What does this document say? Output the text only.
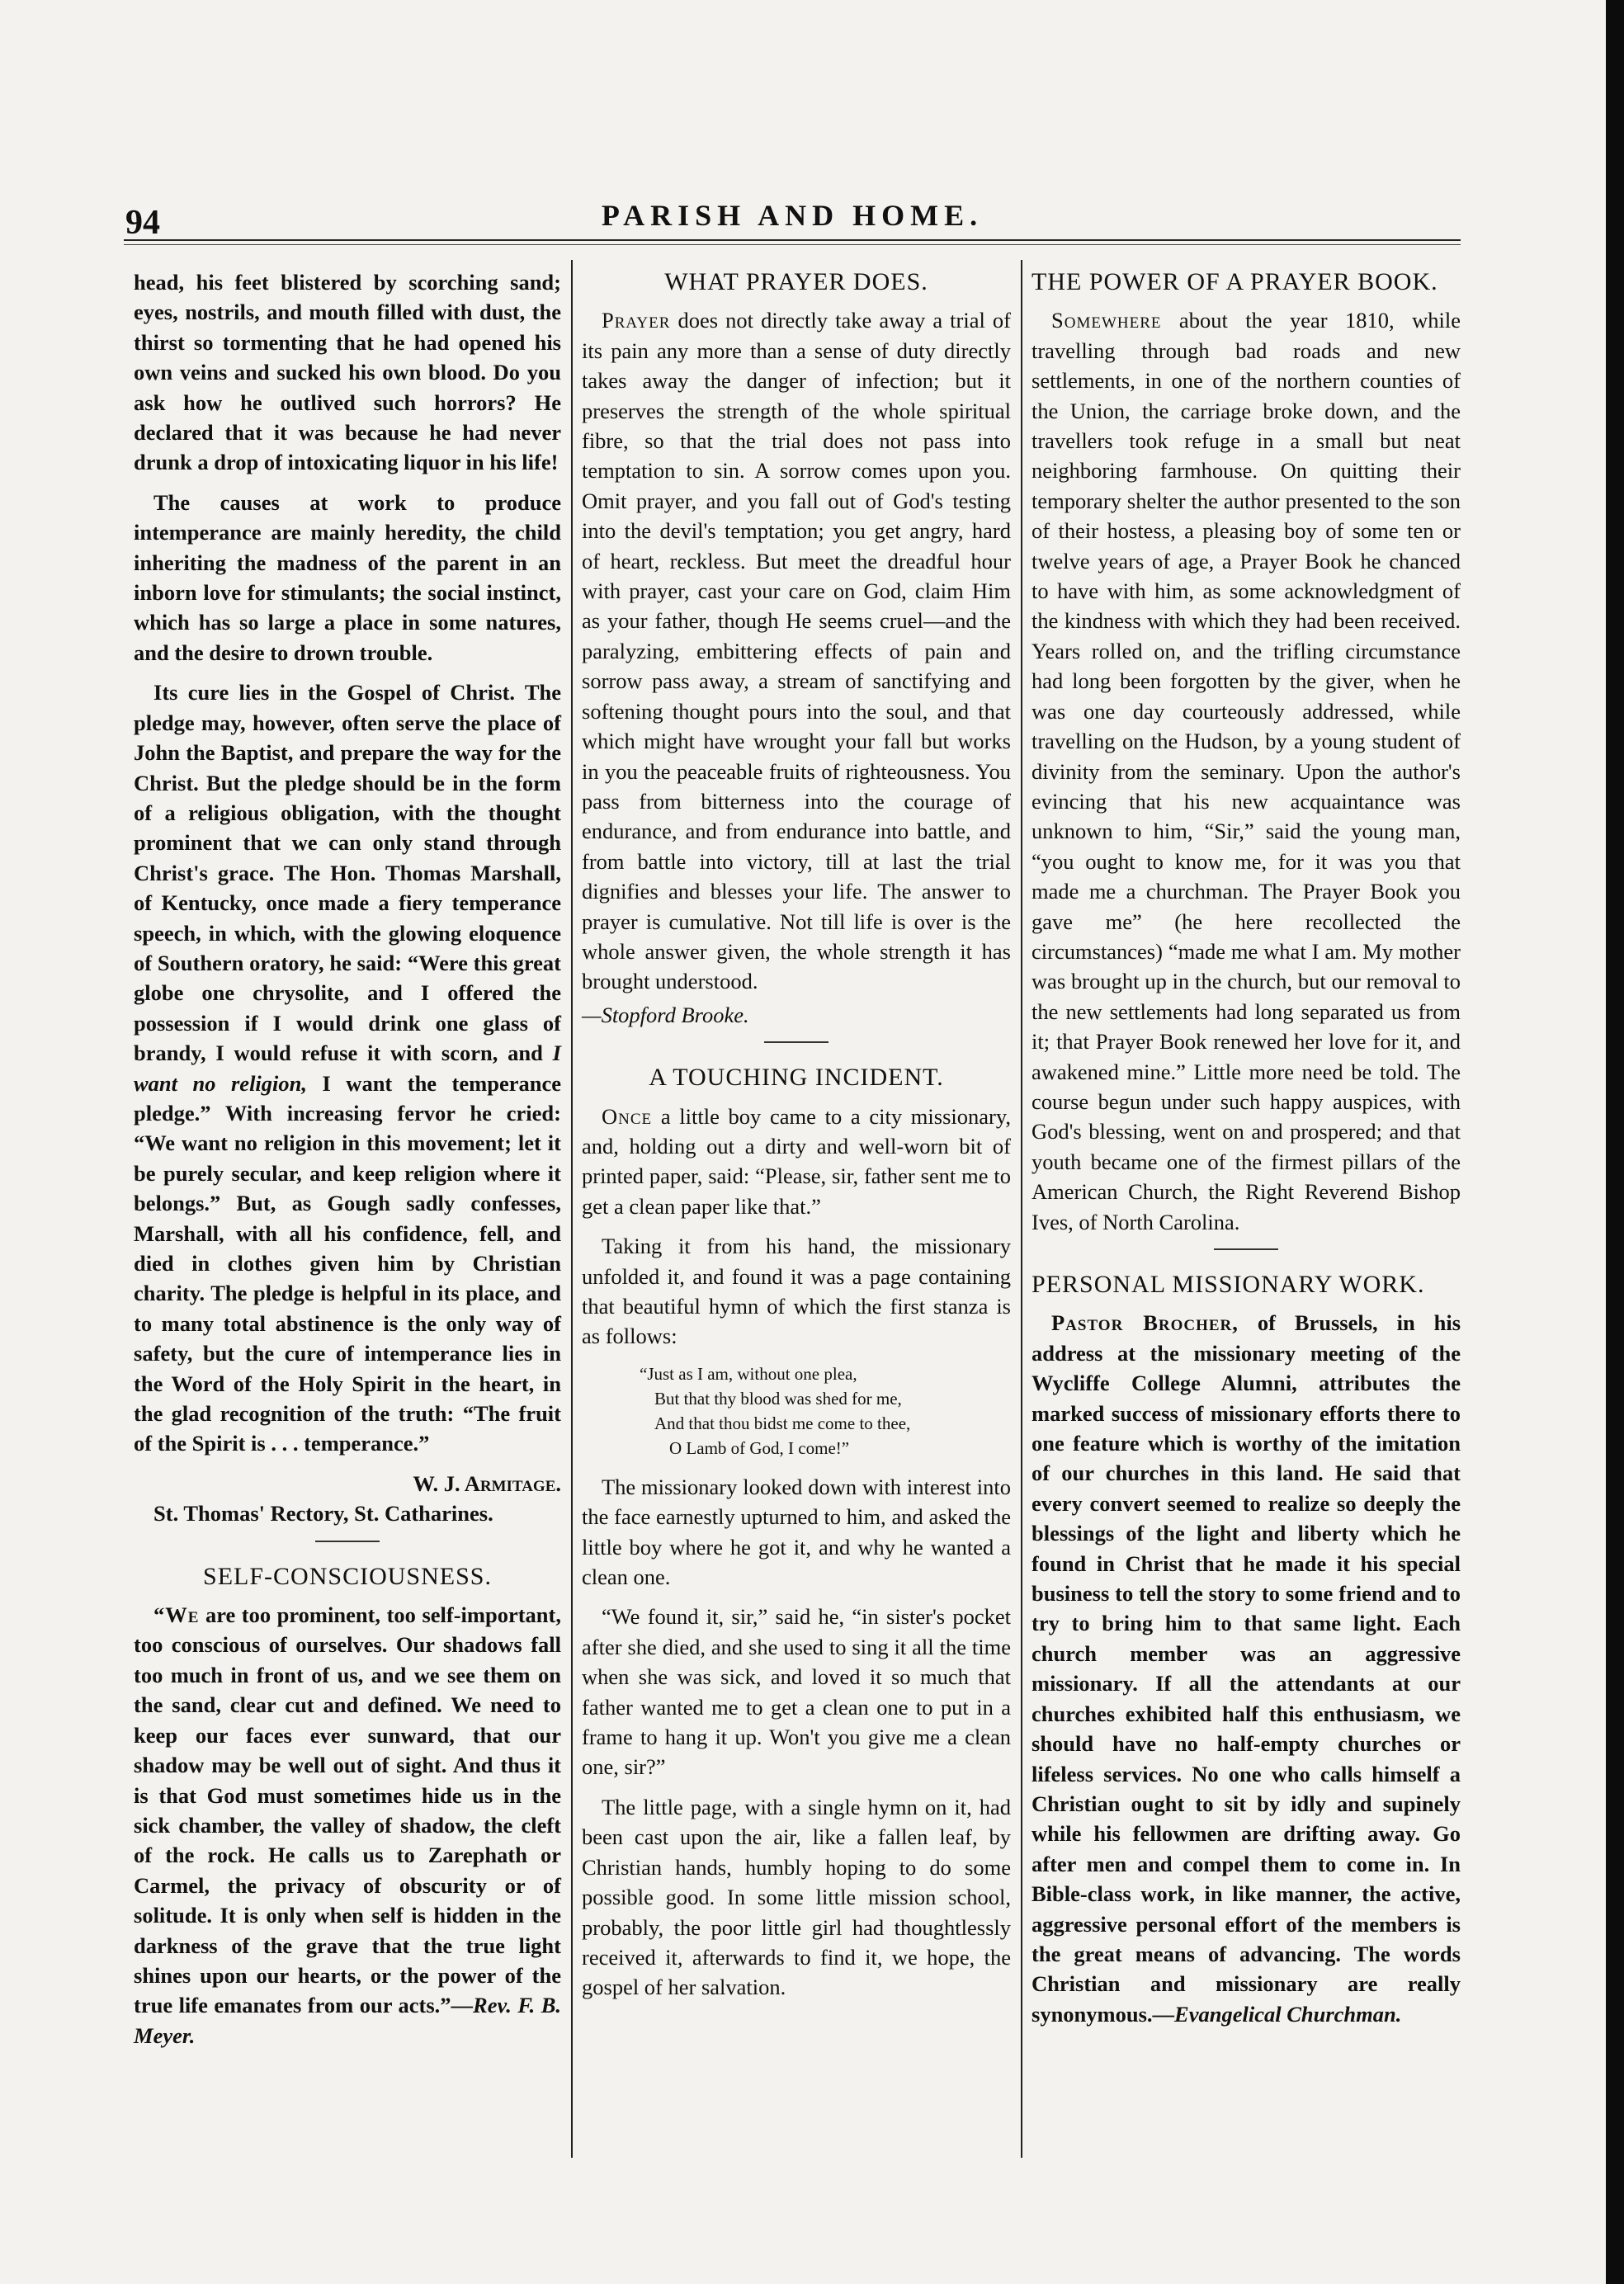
94	PARISH AND HOME.

head, his feet blistered by scorching sand; eyes, nostrils, and mouth filled with dust, the thirst so tormenting that he had opened his own veins and sucked his own blood. Do you ask how he outlived such horrors? He declared that it was because he had never drunk a drop of intoxicating liquor in his life!

The causes at work to produce intemperance are mainly heredity, the child inheriting the madness of the parent in an inborn love for stimulants; the social instinct, which has so large a place in some natures, and the desire to drown trouble.

Its cure lies in the Gospel of Christ. The pledge may, however, often serve the place of John the Baptist, and prepare the way for the Christ. But the pledge should be in the form of a religious obligation, with the thought prominent that we can only stand through Christ's grace. The Hon. Thomas Marshall, of Kentucky, once made a fiery temperance speech, in which, with the glowing eloquence of Southern oratory, he said: “Were this great globe one chrysolite, and I offered the possession if I would drink one glass of brandy, I would refuse it with scorn, and I want no religion, I want the temperance pledge.” With increasing fervor he cried: “We want no religion in this movement; let it be purely secular, and keep religion where it belongs.” But, as Gough sadly confesses, Marshall, with all his confidence, fell, and died in clothes given him by Christian charity. The pledge is helpful in its place, and to many total abstinence is the only way of safety, but the cure of intemperance lies in the Word of the Holy Spirit in the heart, in the glad recognition of the truth: “The fruit of the Spirit is . . . temperance.”

W. J. Armitage.

St. Thomas' Rectory, St. Catharines.

SELF-CONSCIOUSNESS.

“We are too prominent, too self-important, too conscious of ourselves. Our shadows fall too much in front of us, and we see them on the sand, clear cut and defined. We need to keep our faces ever sunward, that our shadow may be well out of sight. And thus it is that God must sometimes hide us in the sick chamber, the valley of shadow, the cleft of the rock. He calls us to Zarephath or Carmel, the privacy of obscurity or of solitude. It is only when self is hidden in the darkness of the grave that the true light shines upon our hearts, or the power of the true life emanates from our acts.”—Rev. F. B. Meyer.

WHAT PRAYER DOES.

Prayer does not directly take away a trial of its pain any more than a sense of duty directly takes away the danger of infection; but it preserves the strength of the whole spiritual fibre, so that the trial does not pass into temptation to sin. A sorrow comes upon you. Omit prayer, and you fall out of God's testing into the devil's temptation; you get angry, hard of heart, reckless. But meet the dreadful hour with prayer, cast your care on God, claim Him as your father, though He seems cruel—and the paralyzing, embittering effects of pain and sorrow pass away, a stream of sanctifying and softening thought pours into the soul, and that which might have wrought your fall but works in you the peaceable fruits of righteousness. You pass from bitterness into the courage of endurance, and from endurance into battle, and from battle into victory, till at last the trial dignifies and blesses your life. The answer to prayer is cumulative. Not till life is over is the whole answer given, the whole strength it has brought understood.

—Stopford Brooke.

A TOUCHING INCIDENT.

Once a little boy came to a city missionary, and, holding out a dirty and well-worn bit of printed paper, said: “Please, sir, father sent me to get a clean paper like that.”

Taking it from his hand, the missionary unfolded it, and found it was a page containing that beautiful hymn of which the first stanza is as follows:

“Just as I am, without one plea,
But that thy blood was shed for me,
And that thou bidst me come to thee,
O Lamb of God, I come!”

The missionary looked down with interest into the face earnestly upturned to him, and asked the little boy where he got it, and why he wanted a clean one.

“We found it, sir,” said he, “in sister's pocket after she died, and she used to sing it all the time when she was sick, and loved it so much that father wanted me to get a clean one to put in a frame to hang it up. Won't you give me a clean one, sir?”

The little page, with a single hymn on it, had been cast upon the air, like a fallen leaf, by Christian hands, humbly hoping to do some possible good. In some little mission school, probably, the poor little girl had thoughtlessly received it, afterwards to find it, we hope, the gospel of her salvation.

THE POWER OF A PRAYER BOOK.

Somewhere about the year 1810, while travelling through bad roads and new settlements, in one of the northern counties of the Union, the carriage broke down, and the travellers took refuge in a small but neat neighboring farmhouse. On quitting their temporary shelter the author presented to the son of their hostess, a pleasing boy of some ten or twelve years of age, a Prayer Book he chanced to have with him, as some acknowledgment of the kindness with which they had been received. Years rolled on, and the trifling circumstance had long been forgotten by the giver, when he was one day courteously addressed, while travelling on the Hudson, by a young student of divinity from the seminary. Upon the author's evincing that his new acquaintance was unknown to him, “Sir,” said the young man, “you ought to know me, for it was you that made me a churchman. The Prayer Book you gave me” (he here recollected the circumstances) “made me what I am. My mother was brought up in the church, but our removal to the new settlements had long separated us from it; that Prayer Book renewed her love for it, and awakened mine.” Little more need be told. The course begun under such happy auspices, with God's blessing, went on and prospered; and that youth became one of the firmest pillars of the American Church, the Right Reverend Bishop Ives, of North Carolina.

PERSONAL MISSIONARY WORK.

Pastor Brocher, of Brussels, in his address at the missionary meeting of the Wycliffe College Alumni, attributes the marked success of missionary efforts there to one feature which is worthy of the imitation of our churches in this land. He said that every convert seemed to realize so deeply the blessings of the light and liberty which he found in Christ that he made it his special business to tell the story to some friend and to try to bring him to that same light. Each church member was an aggressive missionary. If all the attendants at our churches exhibited half this enthusiasm, we should have no half-empty churches or lifeless services. No one who calls himself a Christian ought to sit by idly and supinely while his fellowmen are drifting away. Go after men and compel them to come in. In Bible-class work, in like manner, the active, aggressive personal effort of the members is the great means of advancing. The words Christian and missionary are really synonymous.—Evangelical Churchman.
